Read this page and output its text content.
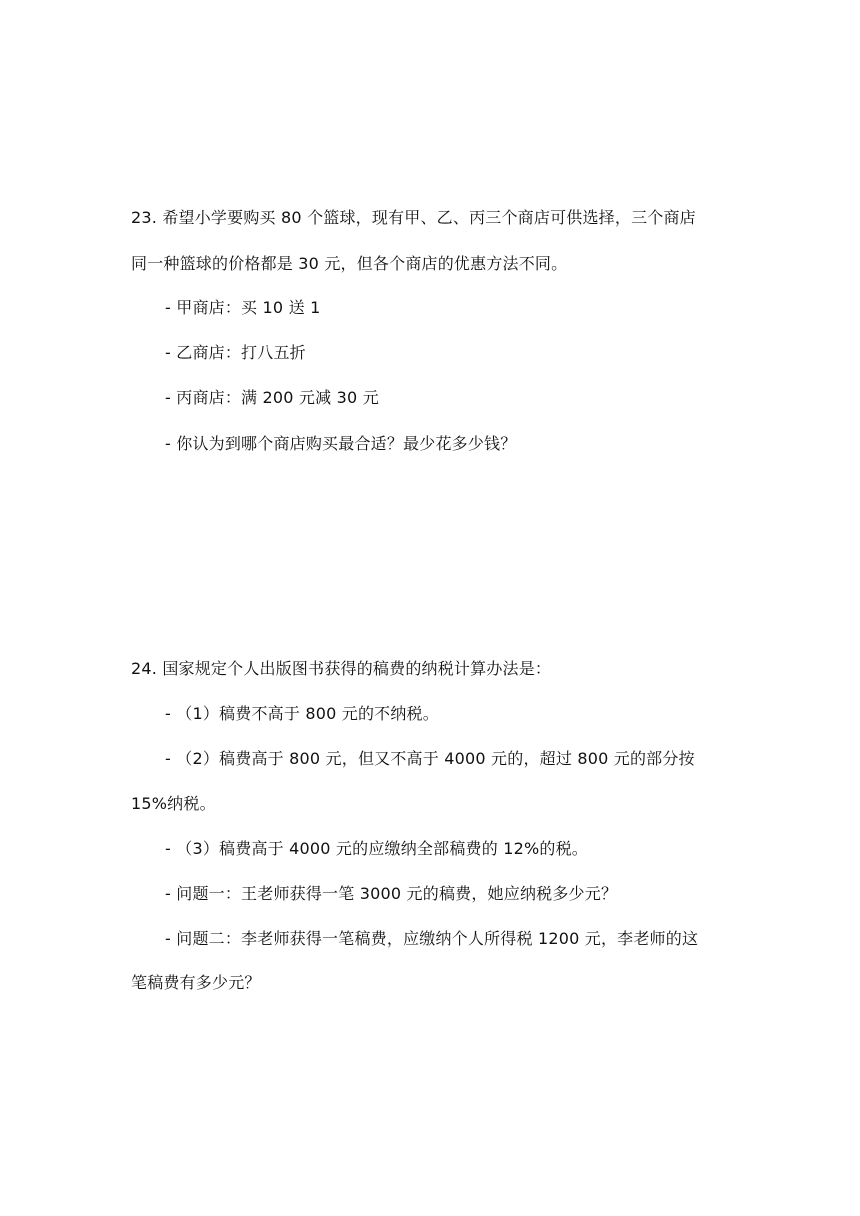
23. 希望小学要购买 80 个篮球，现有甲、乙、丙三个商店可供选择，三个商店
同一种篮球的价格都是 30 元，但各个商店的优惠方法不同。
- 甲商店：买 10 送 1
- 乙商店：打八五折
- 丙商店：满 200 元减 30 元
- 你认为到哪个商店购买最合适？最少花多少钱？
24. 国家规定个人出版图书获得的稿费的纳税计算办法是：
- （1）稿费不高于 800 元的不纳税。
- （2）稿费高于 800 元，但又不高于 4000 元的，超过 800 元的部分按
15%纳税。
- （3）稿费高于 4000 元的应缴纳全部稿费的 12%的税。
- 问题一：王老师获得一笔 3000 元的稿费，她应纳税多少元？
- 问题二：李老师获得一笔稿费，应缴纳个人所得税 1200 元，李老师的这
笔稿费有多少元？
